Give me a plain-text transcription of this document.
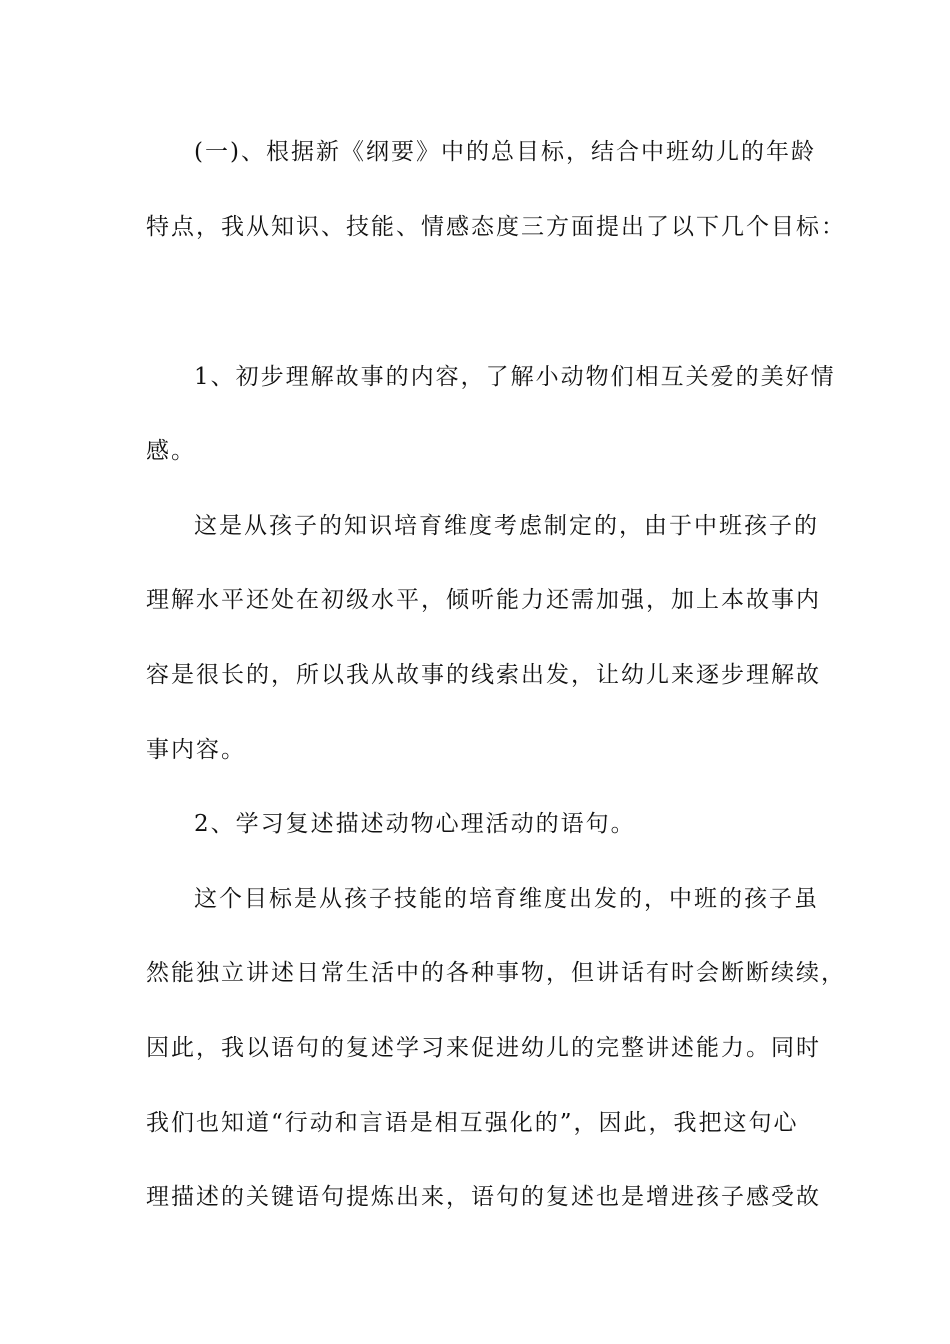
(一)、根据新《纲要》中的总目标，结合中班幼儿的年龄
特点，我从知识、技能、情感态度三方面提出了以下几个目标：
1、初步理解故事的内容，了解小动物们相互关爱的美好情
感。
这是从孩子的知识培育维度考虑制定的，由于中班孩子的
理解水平还处在初级水平，倾听能力还需加强，加上本故事内
容是很长的，所以我从故事的线索出发，让幼儿来逐步理解故
事内容。
2、学习复述描述动物心理活动的语句。
这个目标是从孩子技能的培育维度出发的，中班的孩子虽
然能独立讲述日常生活中的各种事物，但讲话有时会断断续续，
因此，我以语句的复述学习来促进幼儿的完整讲述能力。同时
我们也知道“行动和言语是相互强化的”，因此，我把这句心
理描述的关键语句提炼出来，语句的复述也是增进孩子感受故
